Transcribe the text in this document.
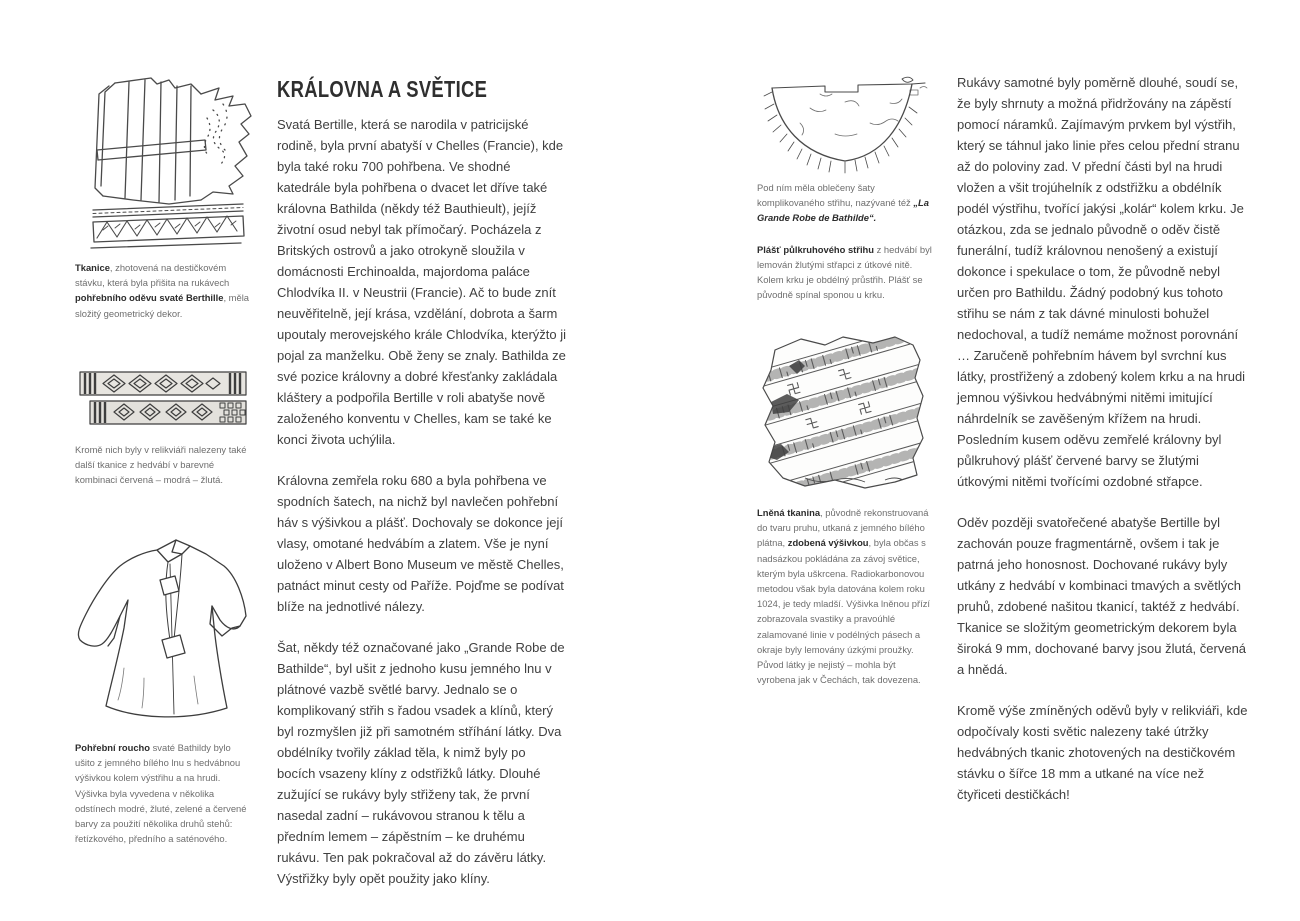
Tkanice, zhotovená na destičkovém stávku, která byla přišita na rukávech pohřebního oděvu svaté Berthille, měla složitý geometrický dekor.

Kromě nich byly v relikviáři nalezeny také další tkanice z hedvábí v barevné kombinaci červená – modrá – žlutá.

Pohřební roucho svaté Bathildy bylo ušito z jemného bílého lnu s hedvábnou výšivkou kolem výstřihu a na hrudi. Výšivka byla vyvedena v několika odstínech modré, žluté, zelené a červené barvy za použití několika druhů stehů: řetízkového, předního a saténového.

KRÁLOVNA A SVĚTICE

Svatá Bertille, která se narodila v patricijské rodině, byla první abatyší v Chelles (Francie), kde byla také roku 700 pohřbena. Ve shodné katedrále byla pohřbena o dvacet let dříve také královna Bathilda (někdy též Bauthieult), jejíž životní osud nebyl tak přímočarý. Pocházela z Britských ostrovů a jako otrokyně sloužila v domácnosti Erchinoalda, majordoma paláce Chlodvíka II. v Neustrii (Francie). Ač to bude znít neuvěřitelně, její krása, vzdělání, dobrota a šarm upoutaly merovejského krále Chlodvíka, kterýžto ji pojal za manželku. Obě ženy se znaly. Bathilda ze své pozice královny a dobré křesťanky zakládala kláštery a podpořila Bertille v roli abatyše nově založeného konventu v Chelles, kam se také ke konci života uchýlila.

Královna zemřela roku 680 a byla pohřbena ve spodních šatech, na nichž byl navlečen pohřební háv s výšivkou a plášť. Dochovaly se dokonce její vlasy, omotané hedvábím a zlatem. Vše je nyní uloženo v Albert Bono Museum ve městě Chelles, patnáct minut cesty od Paříže. Pojďme se podívat blíže na jednotlivé nálezy.

Šat, někdy též označované jako „Grande Robe de Bathilde“, byl ušit z jednoho kusu jemného lnu v plátnové vazbě světlé barvy. Jednalo se o komplikovaný střih s řadou vsadek a klínů, který byl rozmyšlen již při samotném stříhání látky. Dva obdélníky tvořily základ těla, k nimž byly po bocích vsazeny klíny z odstřižků látky. Dlouhé zužující se rukávy byly střiženy tak, že první nasedal zadní – rukávovou stranou k tělu a předním lemem – zápěstním – ke druhému rukávu. Ten pak pokračoval až do závěru látky. Výstřižky byly opět použity jako klíny.

Pod ním měla oblečeny šaty komplikovaného střihu, nazývané též „La Grande Robe de Bathilde“.

Plášť půlkruhového střihu z hedvábí byl lemován žlutými střapci z útkové nitě. Kolem krku je obdélný průstřih. Plášť se původně spínal sponou u krku.

Lněná tkanina, původně rekonstruovaná do tvaru pruhu, utkaná z jemného bílého plátna, zdobená výšivkou, byla občas s nadsázkou pokládána za závoj světice, kterým byla uškrcena. Radiokarbonovou metodou však byla datována kolem roku 1024, je tedy mladší. Výšivka lněnou přízí zobrazovala svastiky a pravoúhlé zalamované linie v podélných pásech a okraje byly lemovány úzkými proužky. Původ látky je nejistý – mohla být vyrobena jak v Čechách, tak dovezena.

Rukávy samotné byly poměrně dlouhé, soudí se, že byly shrnuty a možná přidržovány na zápěstí pomocí náramků. Zajímavým prvkem byl výstřih, který se táhnul jako linie přes celou přední stranu až do poloviny zad. V přední části byl na hrudi vložen a všit trojúhelník z odstřižku a obdélník podél výstřihu, tvořící jakýsi „kolár“ kolem krku. Je otázkou, zda se jednalo původně o oděv čistě funerální, tudíž královnou nenošený a existují dokonce i spekulace o tom, že původně nebyl určen pro Bathildu. Žádný podobný kus tohoto střihu se nám z tak dávné minulosti bohužel nedochoval, a tudíž nemáme možnost porovnání … Zaručeně pohřebním hávem byl svrchní kus látky, prostřižený a zdobený kolem krku a na hrudi jemnou výšivkou hedvábnými nitěmi imitující náhrdelník se zavěšeným křížem na hrudi. Posledním kusem oděvu zemřelé královny byl půlkruhový plášť červené barvy se žlutými útkovými nitěmi tvořícími ozdobné střapce.

Oděv později svatořečené abatyše Bertille byl zachován pouze fragmentárně, ovšem i tak je patrná jeho honosnost. Dochované rukávy byly utkány z hedvábí v kombinaci tmavých a světlých pruhů, zdobené našitou tkanicí, taktéž z hedvábí. Tkanice se složitým geometrickým dekorem byla široká 9 mm, dochované barvy jsou žlutá, červená a hnědá.

Kromě výše zmíněných oděvů byly v relikviáři, kde odpočívaly kosti světic nalezeny také útržky hedvábných tkanic zhotovených na destičkovém stávku o šířce 18 mm a utkané na více než čtyřiceti destičkách!
